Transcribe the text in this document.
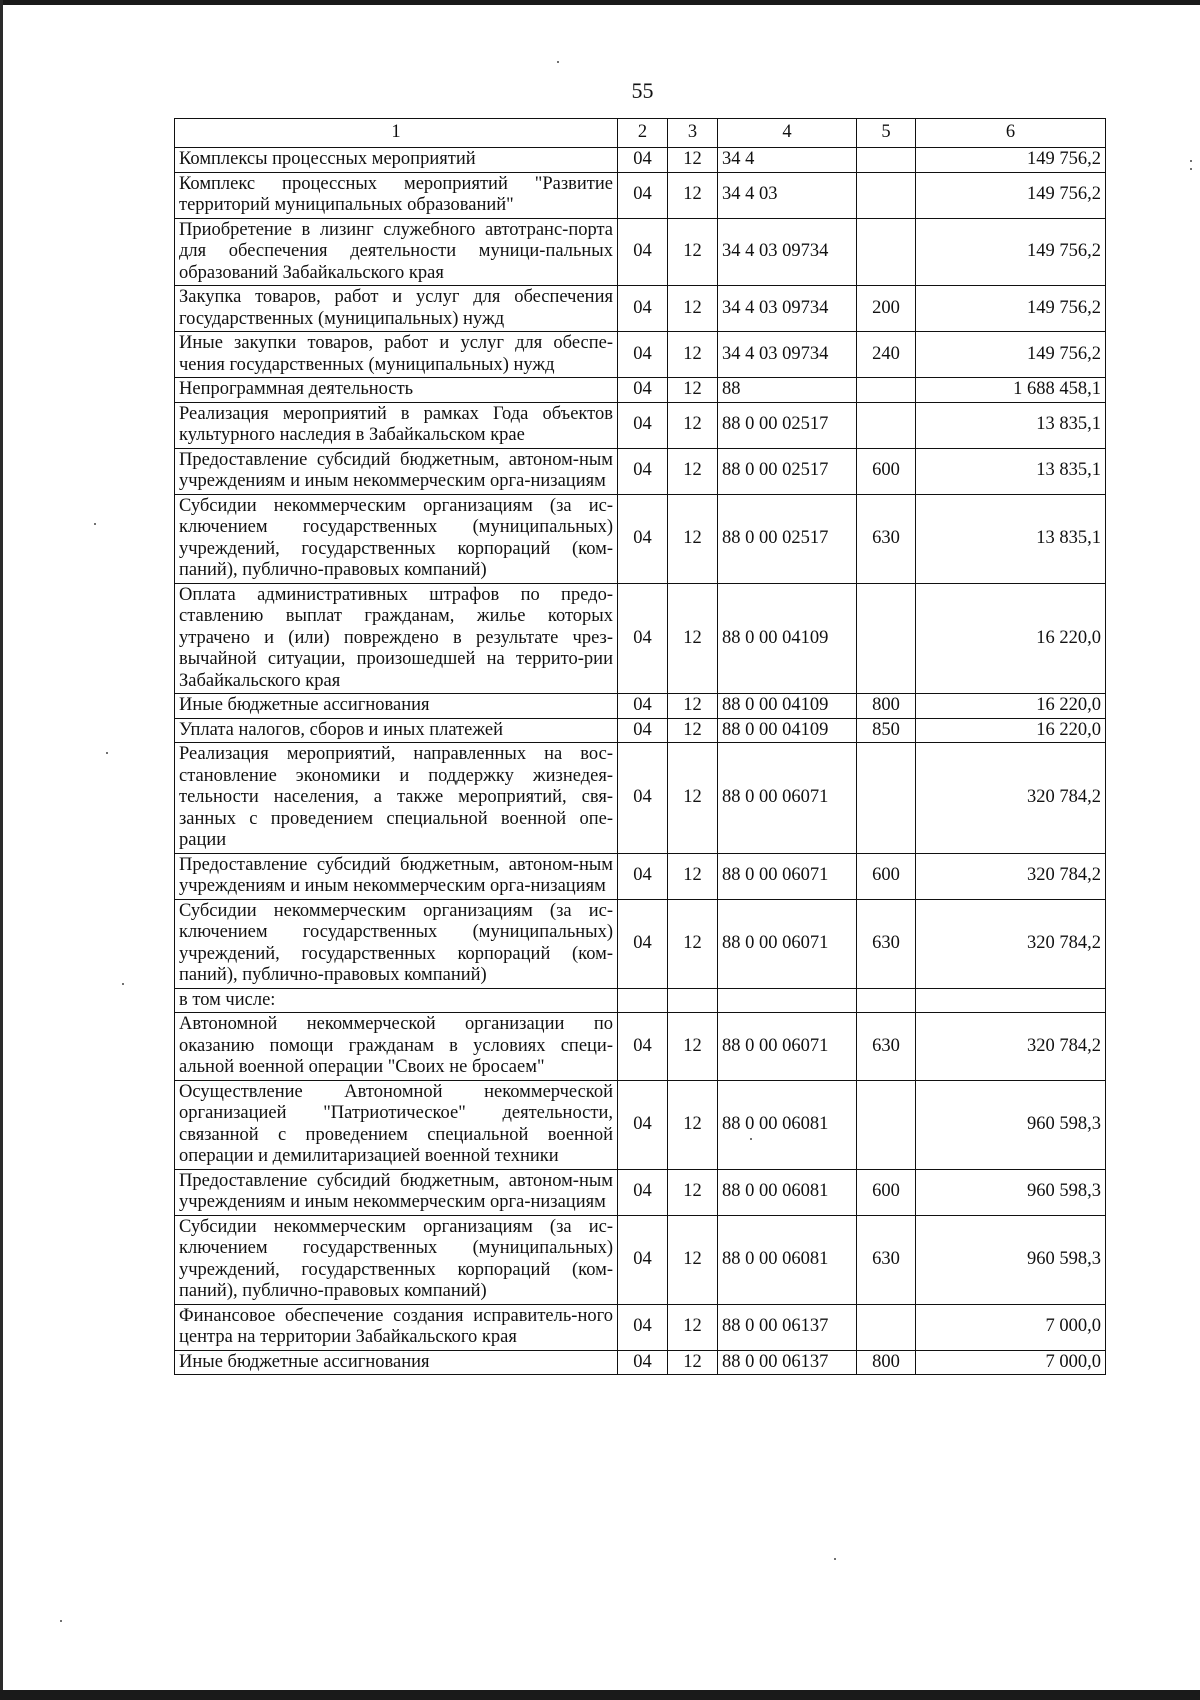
55
1	2	3	4	5	6
Комплексы процессных мероприятий	04	12	34 4		149 756,2
Комплекс процессных мероприятий "Развитие территорий муниципальных образований"	04	12	34 4 03		149 756,2
Приобретение в лизинг служебного автотранс-порта для обеспечения деятельности муници-пальных образований Забайкальского края	04	12	34 4 03 09734		149 756,2
Закупка товаров, работ и услуг для обеспечения государственных (муниципальных) нужд	04	12	34 4 03 09734	200	149 756,2
Иные закупки товаров, работ и услуг для обеспе-чения государственных (муниципальных) нужд	04	12	34 4 03 09734	240	149 756,2
Непрограммная деятельность	04	12	88		1 688 458,1
Реализация мероприятий в рамках Года объектов культурного наследия в Забайкальском крае	04	12	88 0 00 02517		13 835,1
Предоставление субсидий бюджетным, автоном-ным учреждениям и иным некоммерческим орга-низациям	04	12	88 0 00 02517	600	13 835,1
Субсидии некоммерческим организациям (за ис-ключением государственных (муниципальных) учреждений, государственных корпораций (ком-паний), публично-правовых компаний)	04	12	88 0 00 02517	630	13 835,1
Оплата административных штрафов по предо-ставлению выплат гражданам, жилье которых утрачено и (или) повреждено в результате чрез-вычайной ситуации, произошедшей на террито-рии Забайкальского края	04	12	88 0 00 04109		16 220,0
Иные бюджетные ассигнования	04	12	88 0 00 04109	800	16 220,0
Уплата налогов, сборов и иных платежей	04	12	88 0 00 04109	850	16 220,0
Реализация мероприятий, направленных на вос-становление экономики и поддержку жизнедея-тельности населения, а также мероприятий, свя-занных с проведением специальной военной опе-рации	04	12	88 0 00 06071		320 784,2
Предоставление субсидий бюджетным, автоном-ным учреждениям и иным некоммерческим орга-низациям	04	12	88 0 00 06071	600	320 784,2
Субсидии некоммерческим организациям (за ис-ключением государственных (муниципальных) учреждений, государственных корпораций (ком-паний), публично-правовых компаний)	04	12	88 0 00 06071	630	320 784,2
в том числе:					
Автономной некоммерческой организации по оказанию помощи гражданам в условиях специ-альной военной операции "Своих не бросаем"	04	12	88 0 00 06071	630	320 784,2
Осуществление Автономной некоммерческой организацией "Патриотическое" деятельности, связанной с проведением специальной военной операции и демилитаризацией военной техники	04	12	88 0 00 06081		960 598,3
Предоставление субсидий бюджетным, автоном-ным учреждениям и иным некоммерческим орга-низациям	04	12	88 0 00 06081	600	960 598,3
Субсидии некоммерческим организациям (за ис-ключением государственных (муниципальных) учреждений, государственных корпораций (ком-паний), публично-правовых компаний)	04	12	88 0 00 06081	630	960 598,3
Финансовое обеспечение создания исправитель-ного центра на территории Забайкальского края	04	12	88 0 00 06137		7 000,0
Иные бюджетные ассигнования	04	12	88 0 00 06137	800	7 000,0
